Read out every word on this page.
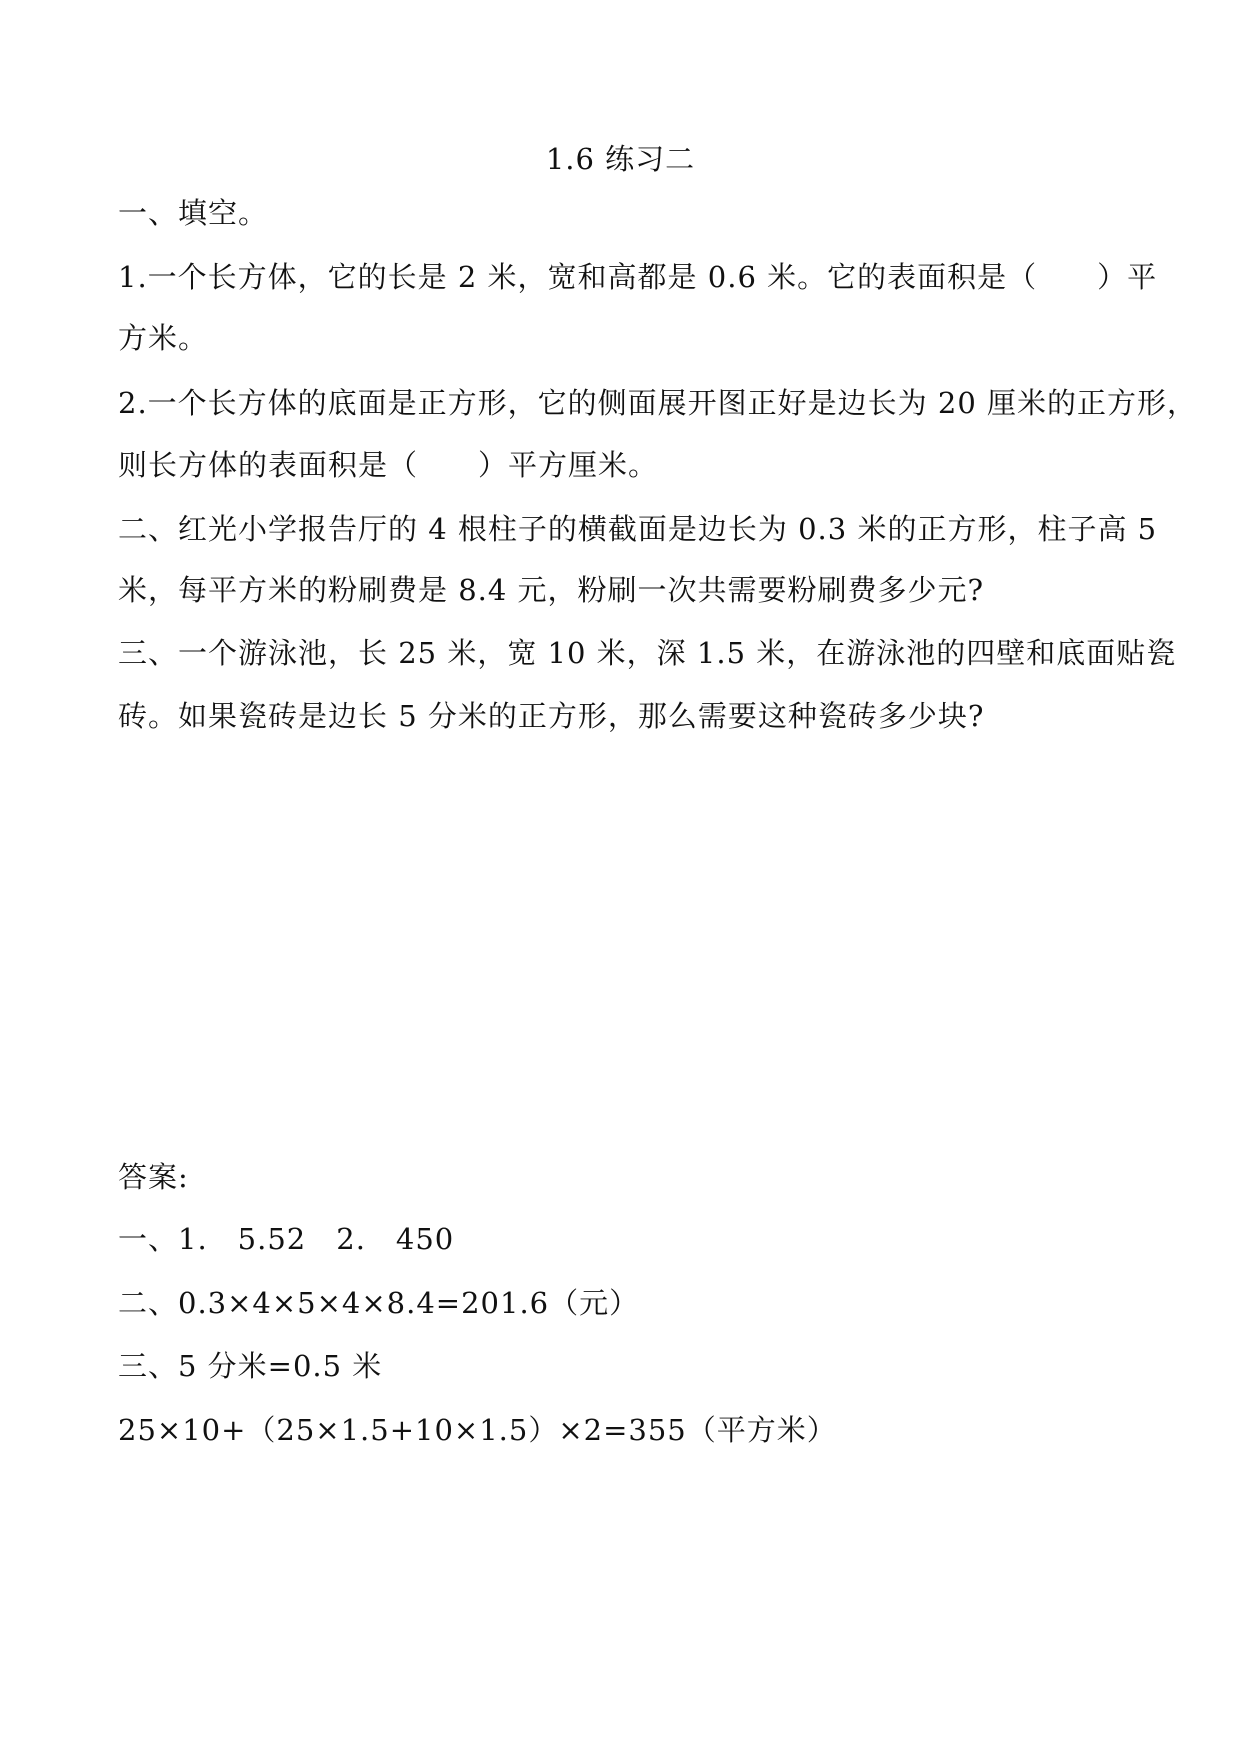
1.6 练习二
一、填空。
1.一个长方体，它的长是 2 米，宽和高都是 0.6 米。它的表面积是（　　）平
方米。
2.一个长方体的底面是正方形，它的侧面展开图正好是边长为 20 厘米的正方形，
则长方体的表面积是（　　）平方厘米。
二、红光小学报告厅的 4 根柱子的横截面是边长为 0.3 米的正方形，柱子高 5
米，每平方米的粉刷费是 8.4 元，粉刷一次共需要粉刷费多少元?
三、一个游泳池，长 25 米，宽 10 米，深 1.5 米，在游泳池的四壁和底面贴瓷
砖。如果瓷砖是边长 5 分米的正方形，那么需要这种瓷砖多少块?
答案:
一、1.　5.52　2.　450
二、0.3×4×5×4×8.4=201.6（元）
三、5 分米=0.5 米
25×10+（25×1.5+10×1.5）×2=355（平方米）
